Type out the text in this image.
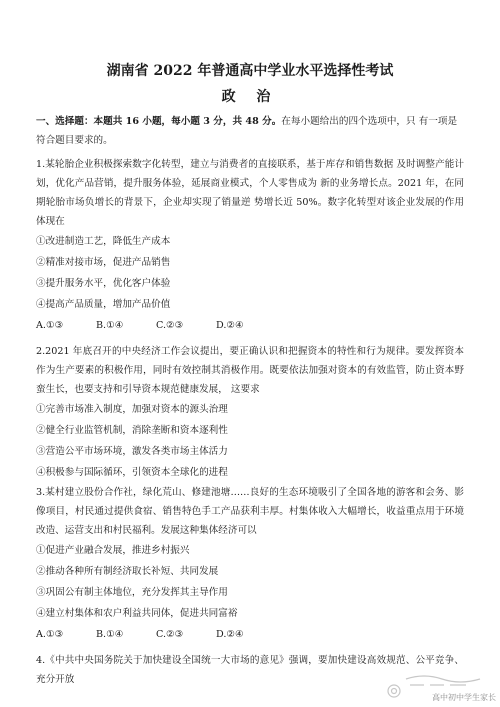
湖南省 2022 年普通高中学业水平选择性考试
政 治

一、选择题：本题共 16 小题，每小题 3 分，共 48 分。在每小题给出的四个选项中，只 有一项是符合题目要求的。

1.某轮胎企业积极探索数字化转型，建立与消费者的直接联系，基于库存和销售数据 及时调整产能计划，优化产品营销，提升服务体验，延展商业模式，个人零售成为 新的业务增长点。2021 年，在同期轮胎市场负增长的背景下，企业却实现了销量逆 势增长近 50%。数字化转型对该企业发展的作用体现在

①改进制造工艺，降低生产成本

②精准对接市场，促进产品销售

③提升服务水平，优化客户体验

④提高产品质量，增加产品价值

A.①③	B.①④	C.②③	D.②④

2.2021 年底召开的中央经济工作会议提出，要正确认识和把握资本的特性和行为规律。要发挥资本作为生产要素的积极作用，同时有效控制其消极作用。既要依法加强对资本的有效监管，防止资本野蛮生长，也要支持和引导资本规范健康发展， 这要求

①完善市场准入制度，加强对资本的源头治理

②健全行业监管机制，消除垄断和资本逐利性

③营造公平市场环境，激发各类市场主体活力

④积极参与国际循环，引领资本全球化的进程

3.某村建立股份合作社，绿化荒山、修建池塘……良好的生态环境吸引了全国各地的游客和会务、影像项目，村民通过提供食宿、销售特色手工产品获利丰厚。村集体收入大幅增长，收益重点用于环境改造、运营支出和村民福利。发展这种集体经济可以

①促进产业融合发展，推进乡村振兴

②推动各种所有制经济取长补短、共同发展

③巩固公有制主体地位，充分发挥其主导作用

④建立村集体和农户利益共同体，促进共同富裕

A.①③	B.①④	C.②③	D.②④

4.《中共中央国务院关于加快建设全国统一大市场的意见》强调，要加快建设高效规范、公平竞争、充分开放

高中初中学生家长
